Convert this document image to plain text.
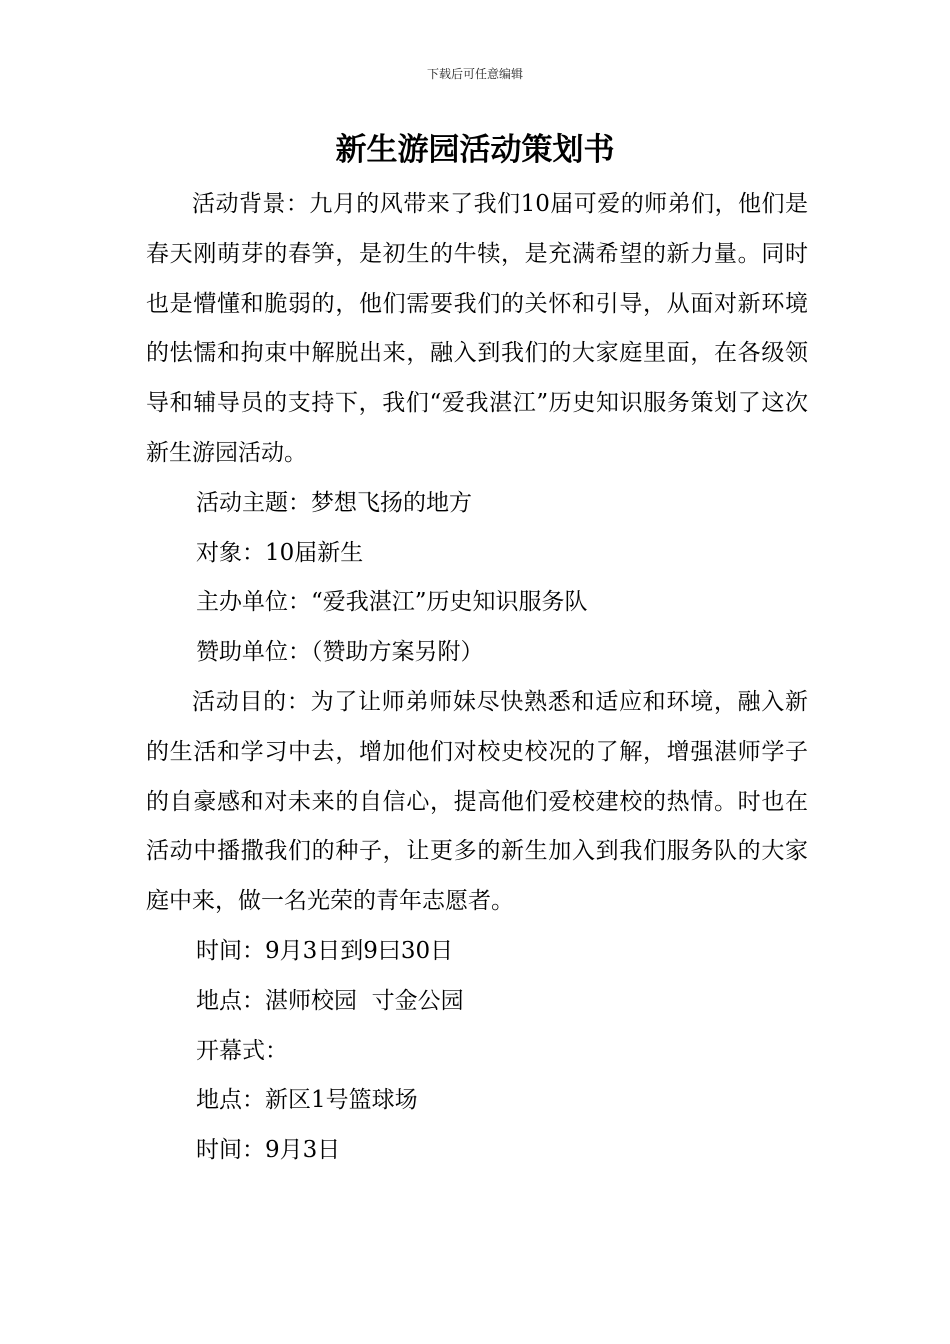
下载后可任意编辑
新生游园活动策划书

活动背景：九月的风带来了我们10届可爱的师弟们，他们是春天刚萌芽的春笋，是初生的牛犊，是充满希望的新力量。同时也是懵懂和脆弱的，他们需要我们的关怀和引导，从面对新环境的怯懦和拘束中解脱出来，融入到我们的大家庭里面，在各级领导和辅导员的支持下，我们“爱我湛江”历史知识服务策划了这次新生游园活动。

活动主题：梦想飞扬的地方

对象：10届新生

主办单位：“爱我湛江”历史知识服务队

赞助单位：（赞助方案另附）

活动目的：为了让师弟师妹尽快熟悉和适应和环境，融入新的生活和学习中去，增加他们对校史校况的了解，增强湛师学子的自豪感和对未来的自信心，提高他们爱校建校的热情。时也在活动中播撒我们的种子，让更多的新生加入到我们服务队的大家庭中来，做一名光荣的青年志愿者。

时间：9月3日到9曰30日

地点：湛师校园  寸金公园

开幕式：

地点：新区1号篮球场

时间：9月3日
